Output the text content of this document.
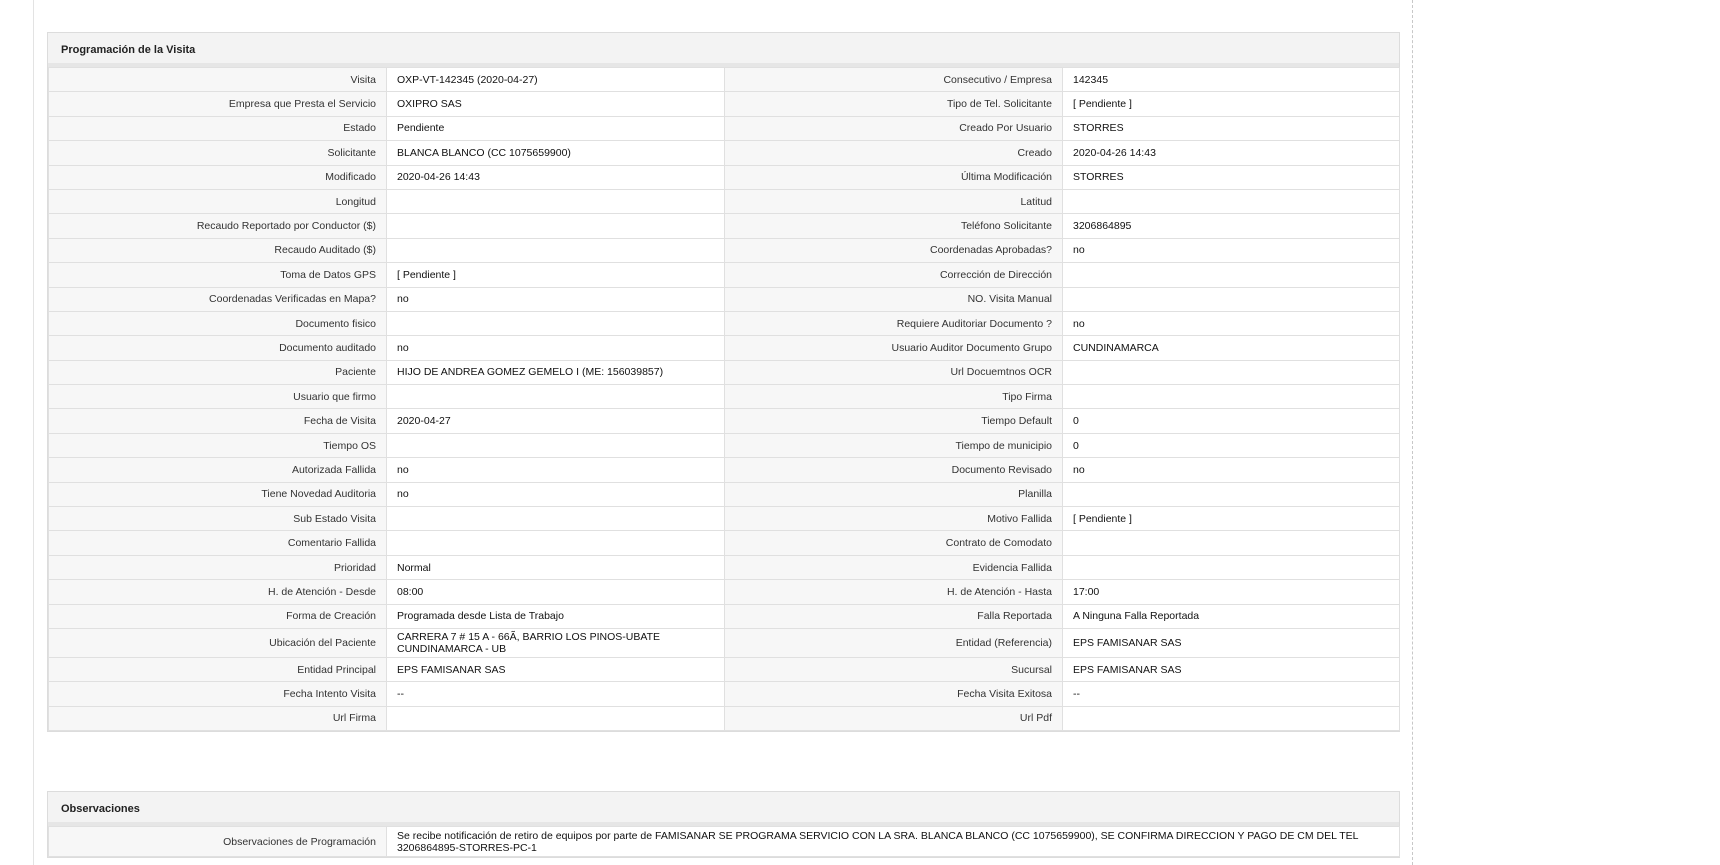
Programación de la Visita
Visita	OXP-VT-142345 (2020-04-27)	Consecutivo / Empresa	142345
Empresa que Presta el Servicio	OXIPRO SAS	Tipo de Tel. Solicitante	[ Pendiente ]
Estado	Pendiente	Creado Por Usuario	STORRES
Solicitante	BLANCA BLANCO (CC 1075659900)	Creado	2020-04-26 14:43
Modificado	2020-04-26 14:43	Última Modificación	STORRES
Longitud		Latitud	
Recaudo Reportado por Conductor ($)		Teléfono Solicitante	3206864895
Recaudo Auditado ($)		Coordenadas Aprobadas?	no
Toma de Datos GPS	[ Pendiente ]	Corrección de Dirección	
Coordenadas Verificadas en Mapa?	no	NO. Visita Manual	
Documento fisico		Requiere Auditoriar Documento ?	no
Documento auditado	no	Usuario Auditor Documento Grupo	CUNDINAMARCA
Paciente	HIJO DE ANDREA GOMEZ GEMELO I (ME: 156039857)	Url Docuemtnos OCR	
Usuario que firmo		Tipo Firma	
Fecha de Visita	2020-04-27	Tiempo Default	0
Tiempo OS		Tiempo de municipio	0
Autorizada Fallida	no	Documento Revisado	no
Tiene Novedad Auditoria	no	Planilla	
Sub Estado Visita		Motivo Fallida	[ Pendiente ]
Comentario Fallida		Contrato de Comodato	
Prioridad	Normal	Evidencia Fallida	
H. de Atención - Desde	08:00	H. de Atención - Hasta	17:00
Forma de Creación	Programada desde Lista de Trabajo	Falla Reportada	A Ninguna Falla Reportada
Ubicación del Paciente	CARRERA 7 # 15 A - 66Ã, BARRIO LOS PINOS-UBATE CUNDINAMARCA - UB	Entidad (Referencia)	EPS FAMISANAR SAS
Entidad Principal	EPS FAMISANAR SAS	Sucursal	EPS FAMISANAR SAS
Fecha Intento Visita	--	Fecha Visita Exitosa	--
Url Firma		Url Pdf	
Observaciones
Observaciones de Programación	Se recibe notificación de retiro de equipos por parte de FAMISANAR SE PROGRAMA SERVICIO CON LA SRA. BLANCA BLANCO (CC 1075659900), SE CONFIRMA DIRECCION Y PAGO DE CM DEL TEL 3206864895-STORRES-PC-1
